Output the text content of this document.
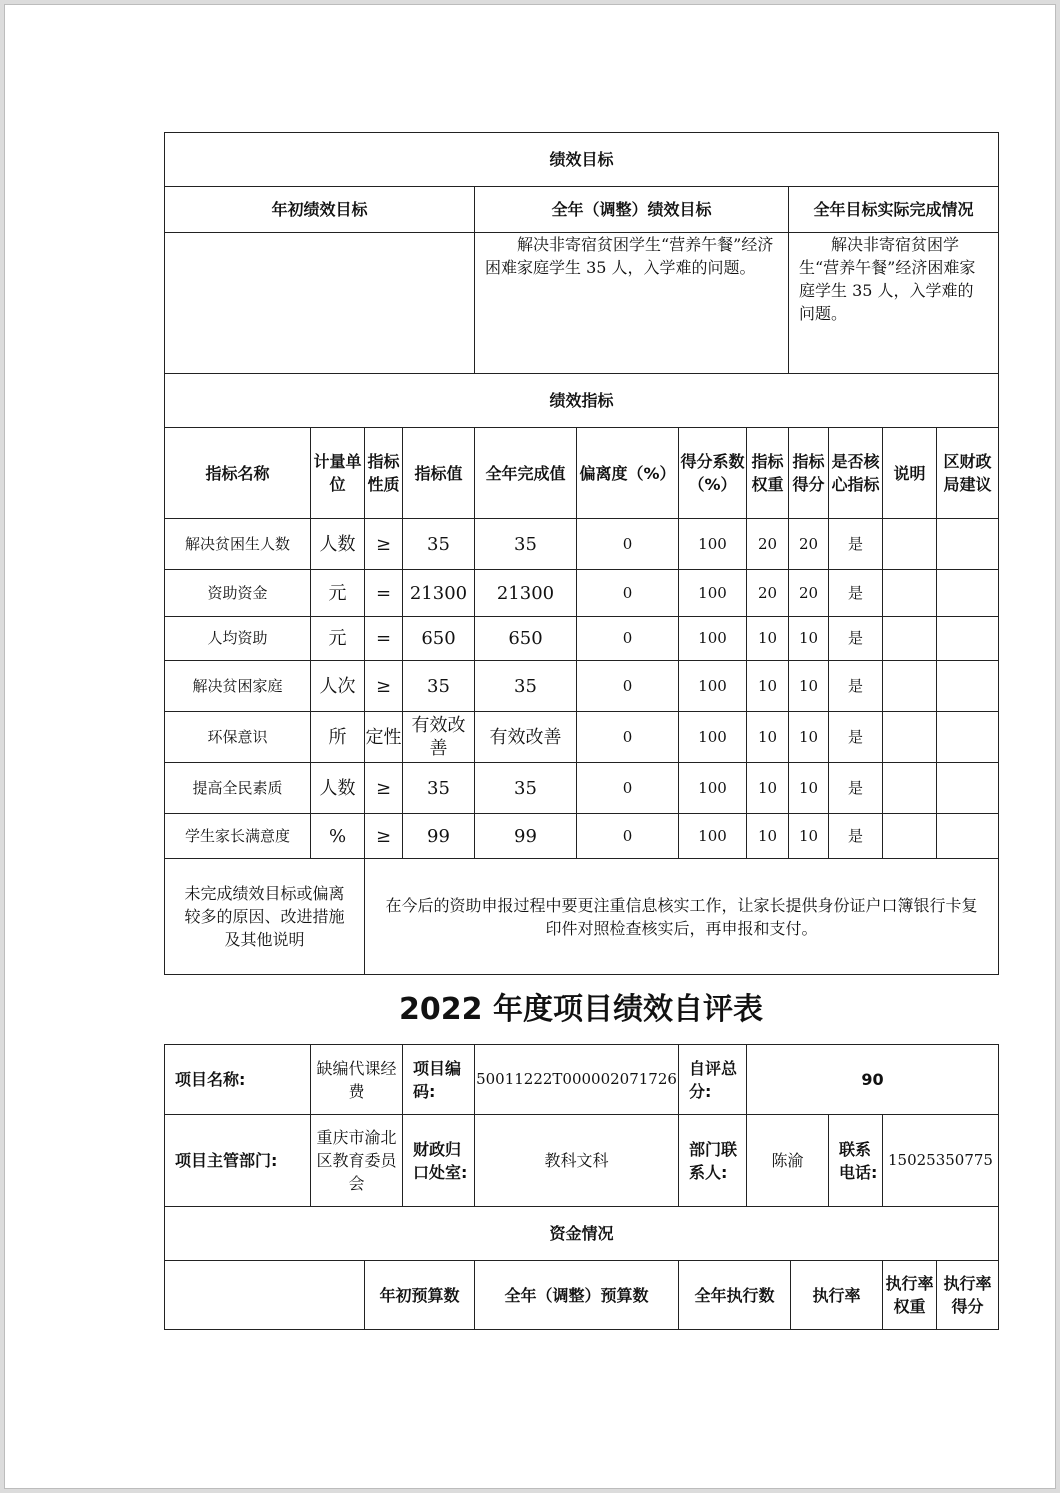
绩效目标											
年初绩效目标				全年（调整）绩效目标				全年目标实际完成情况			
				解决非寄宿贫困学生“营养午餐”经济困难家庭学生 35 人，入学难的问题。				解决非寄宿贫困学生“营养午餐”经济困难家庭学生 35 人，入学难的问题。			
绩效指标											
指标名称	计量单位	指标性质	指标值	全年完成值	偏离度（%）	得分系数（%）	指标权重	指标得分	是否核心指标	说明	区财政局建议
解决贫困生人数	人数	≥	35	35	0	100	20	20	是		
资助资金	元	=	21300	21300	0	100	20	20	是		
人均资助	元	=	650	650	0	100	10	10	是		
解决贫困家庭	人次	≥	35	35	0	100	10	10	是		
环保意识	所	定性	有效改善	有效改善	0	100	10	10	是		
提高全民素质	人数	≥	35	35	0	100	10	10	是		
学生家长满意度	%	≥	99	99	0	100	10	10	是		
未完成绩效目标或偏离较多的原因、改进措施及其他说明		在今后的资助申报过程中要更注重信息核实工作，让家长提供身份证户口簿银行卡复印件对照检查核实后，再申报和支付。									
2022 年度项目绩效自评表
项目名称:	缺编代课经费	项目编码:	50011222T000002071726	自评总分:	90		
项目主管部门:	重庆市渝北区教育委员会	财政归口处室:	教科文科	部门联系人:	陈渝	联系电话:	15025350775
资金情况							
	年初预算数	全年（调整）预算数	全年执行数	执行率	执行率权重	执行率得分
